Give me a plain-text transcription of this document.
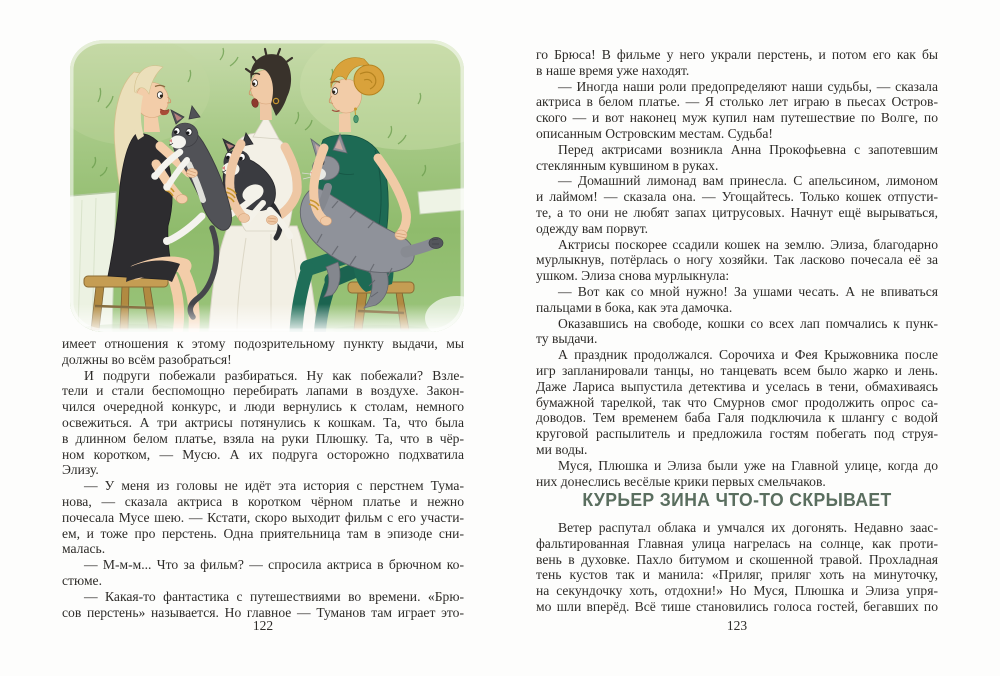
имеет отношения к этому подозрительному пункту выдачи, мы
должны во всём разобраться!
И подруги побежали разбираться. Ну как побежали? Взле-
тели и стали беспомощно перебирать лапами в воздухе. Закон-
чился очередной конкурс, и люди вернулись к столам, немного
освежиться. А три актрисы потянулись к кошкам. Та, что была
в длинном белом платье, взяла на руки Плюшку. Та, что в чёр-
ном коротком, — Мусю. А их подруга осторожно подхватила
Элизу.
— У меня из головы не идёт эта история с перстнем Тума-
нова, — сказала актриса в коротком чёрном платье и нежно
почесала Мусе шею. — Кстати, скоро выходит фильм с его участи-
ем, и тоже про перстень. Одна приятельница там в эпизоде сни-
малась.
— М-м-м... Что за фильм? — спросила актриса в брючном ко-
стюме.
— Какая-то фантастика с путешествиями во времени. «Брю-
сов перстень» называется. Но главное — Туманов там играет это-
122
го Брюса! В фильме у него украли перстень, и потом его как бы
в наше время уже находят.
— Иногда наши роли предопределяют наши судьбы, — сказала
актриса в белом платье. — Я столько лет играю в пьесах Остров-
ского — и вот наконец муж купил нам путешествие по Волге, по
описанным Островским местам. Судьба!
Перед актрисами возникла Анна Прокофьевна с запотевшим
стеклянным кувшином в руках.
— Домашний лимонад вам принесла. С апельсином, лимоном
и лаймом! — сказала она. — Угощайтесь. Только кошек отпусти-
те, а то они не любят запах цитрусовых. Начнут ещё вырываться,
одежду вам порвут.
Актрисы поскорее ссадили кошек на землю. Элиза, благодарно
мурлыкнув, потёрлась о ногу хозяйки. Так ласково почесала её за
ушком. Элиза снова мурлыкнула:
— Вот как со мной нужно! За ушами чесать. А не впиваться
пальцами в бока, как эта дамочка.
Оказавшись на свободе, кошки со всех лап помчались к пунк-
ту выдачи.
А праздник продолжался. Сорочиха и Фея Крыжовника после
игр запланировали танцы, но танцевать всем было жарко и лень.
Даже Лариса выпустила детектива и уселась в тени, обмахиваясь
бумажной тарелкой, так что Смурнов смог продолжить опрос са-
доводов. Тем временем баба Галя подключила к шлангу с водой
круговой распылитель и предложила гостям побегать под струя-
ми воды.
Муся, Плюшка и Элиза были уже на Главной улице, когда до
них донеслись весёлые крики первых смельчаков.
КУРЬЕР ЗИНА ЧТО-ТО СКРЫВАЕТ
Ветер распутал облака и умчался их догонять. Недавно заас-
фальтированная Главная улица нагрелась на солнце, как проти-
вень в духовке. Пахло битумом и скошенной травой. Прохладная
тень кустов так и манила: «Приляг, приляг хоть на минуточку,
на секундочку хоть, отдохни!» Но Муся, Плюшка и Элиза упря-
мо шли вперёд. Всё тише становились голоса гостей, бегавших по
123
